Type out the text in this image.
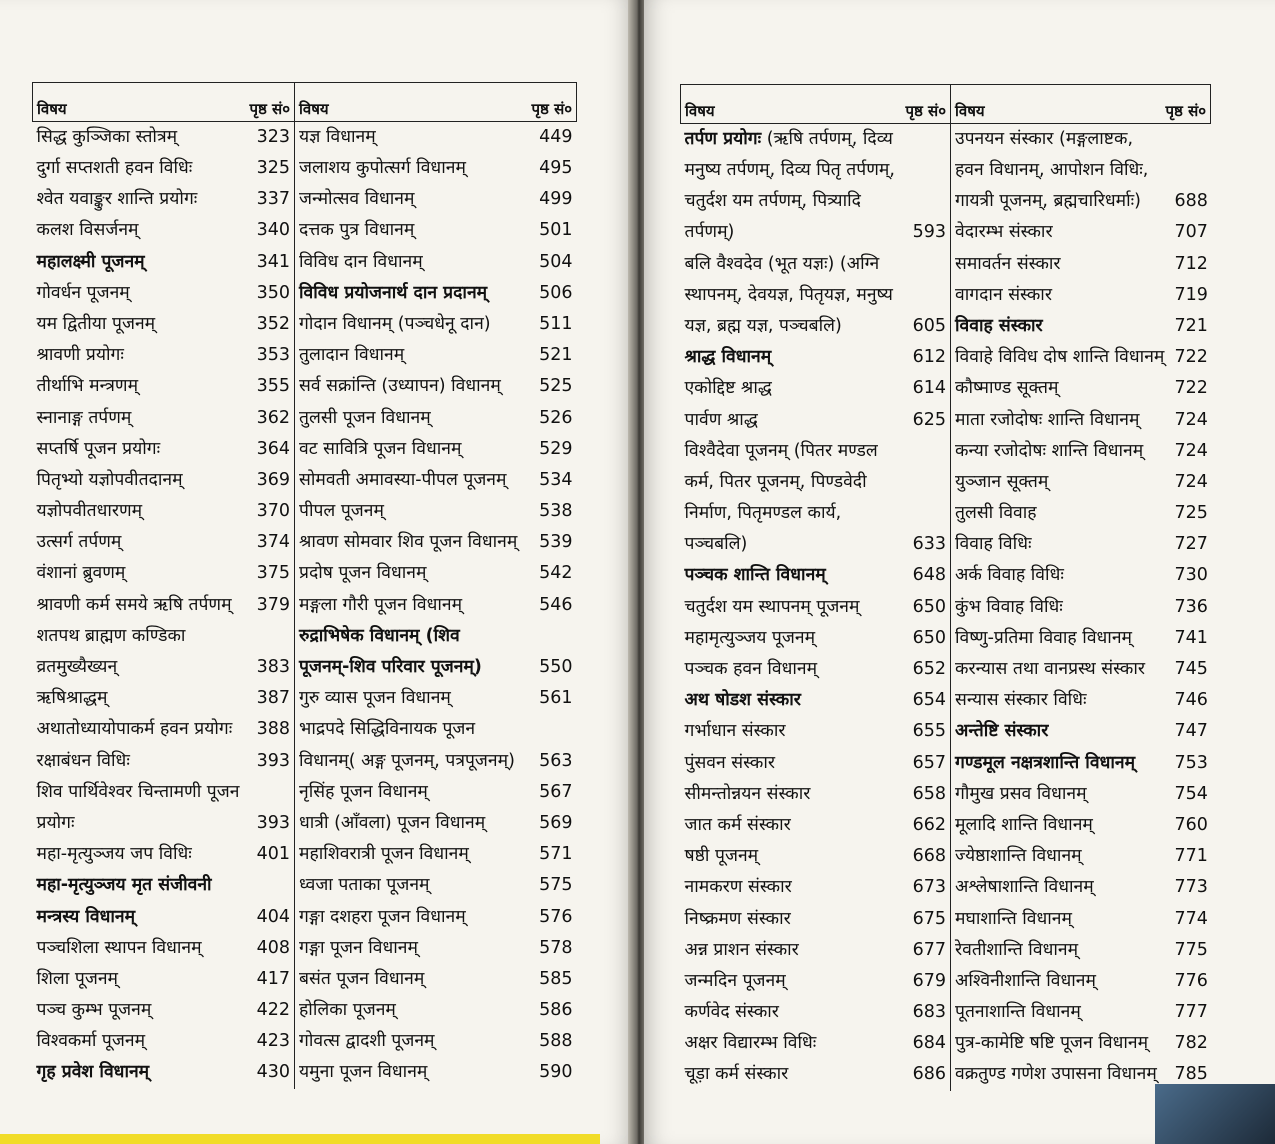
विषय पृष्ठ सं०		विषय पृष्ठ सं०	

सिद्ध कुञ्जिका स्तोत्रम्	323	यज्ञ विधानम्	449
दुर्गा सप्तशती हवन विधिः	325	जलाशय कुपोत्सर्ग विधानम्	495
श्वेत यवाङ्कुर शान्ति प्रयोगः	337	जन्मोत्सव विधानम्	499
कलश विसर्जनम्	340	दत्तक पुत्र विधानम्	501
महालक्ष्मी पूजनम्	341	विविध दान विधानम्	504
गोवर्धन पूजनम्	350	विविध प्रयोजनार्थ दान प्रदानम्	506
यम द्वितीया पूजनम्	352	गोदान विधानम् (पञ्चधेनू दान)	511
श्रावणी प्रयोगः	353	तुलादान विधानम्	521
तीर्थाभि मन्त्रणम्	355	सर्व सक्रांन्ति (उध्यापन) विधानम्	525
स्नानाङ्ग तर्पणम्	362	तुलसी पूजन विधानम्	526
सप्तर्षि पूजन प्रयोगः	364	वट सावित्रि पूजन विधानम्	529
पितृभ्यो यज्ञोपवीतदानम्	369	सोमवती अमावस्या-पीपल पूजनम्	534
यज्ञोपवीतधारणम्	370	पीपल पूजनम्	538
उत्सर्ग तर्पणम्	374	श्रावण सोमवार शिव पूजन विधानम्	539
वंशानां ब्रुवणम्	375	प्रदोष पूजन विधानम्	542
श्रावणी कर्म समये ऋषि तर्पणम्	379	मङ्गला गौरी पूजन विधानम्	546
शतपथ ब्राह्मण कण्डिका		रुद्राभिषेक विधानम् (शिव	
व्रतमुख्यैख्यन्	383	पूजनम्-शिव परिवार पूजनम्)	550
ऋषिश्राद्धम्	387	गुरु व्यास पूजन विधानम्	561
अथातोध्यायोपाकर्म हवन प्रयोगः	388	भाद्रपदे सिद्धिविनायक पूजन	
रक्षाबंधन विधिः	393	विधानम्( अङ्ग पूजनम्, पत्रपूजनम्)	563
शिव पार्थिवेश्वर चिन्तामणी पूजन		नृसिंह पूजन विधानम्	567
प्रयोगः	393	धात्री (आँवला) पूजन विधानम्	569
महा-मृत्युञ्जय जप विधिः	401	महाशिवरात्री पूजन विधानम्	571
महा-मृत्युञ्जय मृत संजीवनी		ध्वजा पताका पूजनम्	575
मन्त्रस्य विधानम्	404	गङ्गा दशहरा पूजन विधानम्	576
पञ्चशिला स्थापन विधानम्	408	गङ्गा पूजन विधानम्	578
शिला पूजनम्	417	बसंत पूजन विधानम्	585
पञ्च कुम्भ पूजनम्	422	होलिका पूजनम्	586
विश्वकर्मा पूजनम्	423	गोवत्स द्वादशी पूजनम्	588
गृह प्रवेश विधानम्	430	यमुना पूजन विधानम्	590
विषय पृष्ठ सं०		विषय पृष्ठ सं०	

तर्पण प्रयोगः (ऋषि तर्पणम्, दिव्य		उपनयन संस्कार (मङ्गलाष्टक,	
मनुष्य तर्पणम्, दिव्य पितृ तर्पणम्,		हवन विधानम्, आपोशन विधिः,	
चतुर्दश यम तर्पणम्, पित्र्यादि		गायत्री पूजनम्, ब्रह्मचारिधर्माः)	688
तर्पणम्)	593	वेदारम्भ संस्कार	707
बलि वैश्वदेव (भूत यज्ञः) (अग्नि		समावर्तन संस्कार	712
स्थापनम्, देवयज्ञ, पितृयज्ञ, मनुष्य		वागदान संस्कार	719
यज्ञ, ब्रह्म यज्ञ, पञ्चबलि)	605	विवाह संस्कार	721
श्राद्ध विधानम्	612	विवाहे विविध दोष शान्ति विधानम्	722
एकोद्दिष्ट श्राद्ध	614	कौष्माण्ड सूक्तम्	722
पार्वण श्राद्ध	625	माता रजोदोषः शान्ति विधानम्	724
विश्वैदेवा पूजनम् (पितर मण्डल		कन्या रजोदोषः शान्ति विधानम्	724
कर्म, पितर पूजनम्, पिण्डवेदी		युञ्जान सूक्तम्	724
निर्माण, पितृमण्डल कार्य,		तुलसी विवाह	725
पञ्चबलि)	633	विवाह विधिः	727
पञ्चक शान्ति विधानम्	648	अर्क विवाह विधिः	730
चतुर्दश यम स्थापनम् पूजनम्	650	कुंभ विवाह विधिः	736
महामृत्युञ्जय पूजनम्	650	विष्णु-प्रतिमा विवाह विधानम्	741
पञ्चक हवन विधानम्	652	करन्यास तथा वानप्रस्थ संस्कार	745
अथ षोडश संस्कार	654	सन्यास संस्कार विधिः	746
गर्भाधान संस्कार	655	अन्तेष्टि संस्कार	747
पुंसवन संस्कार	657	गण्डमूल नक्षत्रशान्ति विधानम्	753
सीमन्तोन्नयन संस्कार	658	गौमुख प्रसव विधानम्	754
जात कर्म संस्कार	662	मूलादि शान्ति विधानम्	760
षष्ठी पूजनम्	668	ज्येष्ठाशान्ति विधानम्	771
नामकरण संस्कार	673	अश्लेषाशान्ति विधानम्	773
निष्क्रमण संस्कार	675	मघाशान्ति विधानम्	774
अन्न प्राशन संस्कार	677	रेवतीशान्ति विधानम्	775
जन्मदिन पूजनम्	679	अश्विनीशान्ति विधानम्	776
कर्णवेद संस्कार	683	पूतनाशान्ति विधानम्	777
अक्षर विद्यारम्भ विधिः	684	पुत्र-कामेष्टि षष्टि पूजन विधानम्	782
चूड़ा कर्म संस्कार	686	वक्रतुण्ड गणेश उपासना विधानम्	785
